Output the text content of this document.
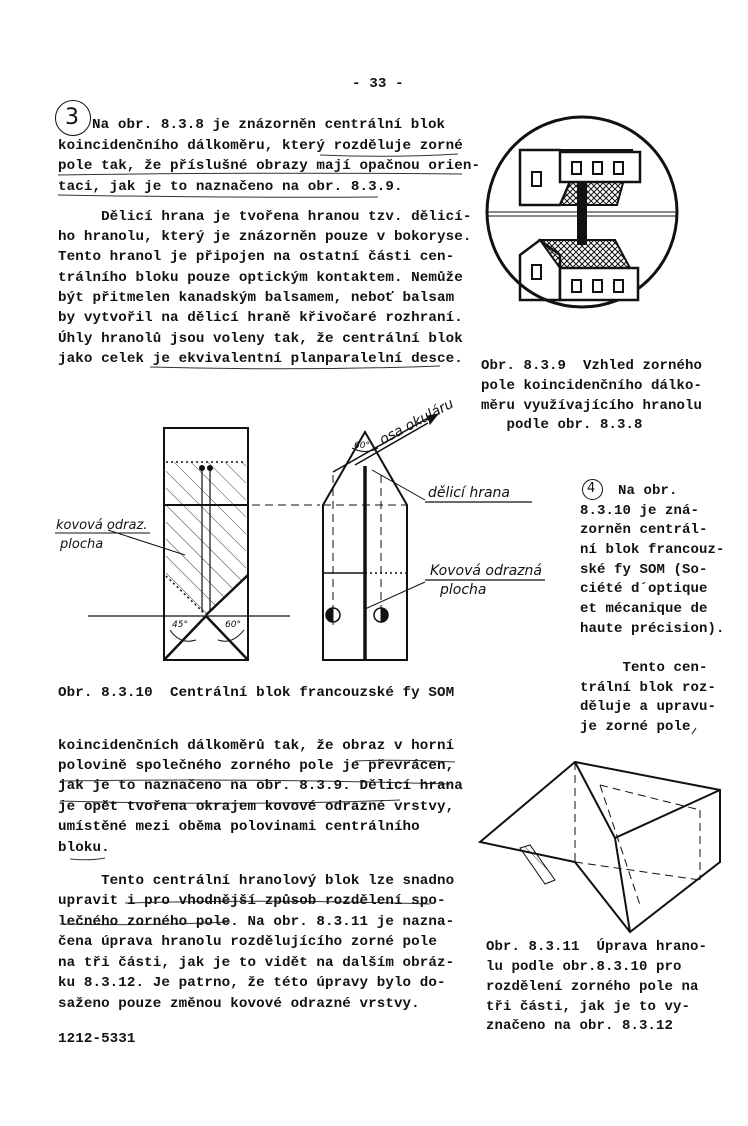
- 33 -
3 Na obr. 8.3.8 je znázorněn centrální blok
koincidenčního dálkoměru, který rozděluje zorné
pole tak, že příslušné obrazy mají opačnou orien-
taci, jak je to naznačeno na obr. 8.3.9.
Dělicí hrana je tvořena hranou tzv. dělicí-
ho hranolu, který je znázorněn pouze v bokoryse.
Tento hranol je připojen na ostatní části cen-
trálního bloku pouze optickým kontaktem. Nemůže
být přitmelen kanadským balsamem, neboť balsam
by vytvořil na dělicí hraně křivočaré rozhraní.
Úhly hranolů jsou voleny tak, že centrální blok
jako celek je ekvivalentní planparalelní desce. Obr. 8.3.9  Vzhled zorného
pole koincidenčního dálko-
měru využívajícího hranolu
podle obr. 8.3.8
osa okuláru
60°
45°	60°
dělicí hrana
kovová odraz.
plocha
Kovová odrazná
plocha
Obr. 8.3.10  Centrální blok francouzské fy SOM
4 Na obr.
8.3.10 je zná-
zorněn centrál-
ní blok francouz-
ské fy SOM (So-
ciété d´optique
et mécanique de
haute précision).
Tento cen-
trální blok roz-
děluje a upravu-
je zorné pole
koincidenčních dálkoměrů tak, že obraz v horní
polovině společného zorného pole je převrácen,
jak je to naznačeno na obr. 8.3.9. Dělicí hrana
je opět tvořena okrajem kovové odrazné vrstvy,
umístěné mezi oběma polovinami centrálního
bloku.
Tento centrální hranolový blok lze snadno
upravit i pro vhodnější způsob rozdělení spo-
lečného zorného pole. Na obr. 8.3.11 je nazna-
čena úprava hranolu rozdělujícího zorné pole
na tři části, jak je to vidět na dalším obráz-
ku 8.3.12. Je patrno, že této úpravy bylo do-
saženo pouze změnou kovové odrazné vrstvy.
Obr. 8.3.11  Úprava hrano-
lu podle obr.8.3.10 pro
rozdělení zorného pole na
tři části, jak je to vy-
značeno na obr. 8.3.12
1212-5331
